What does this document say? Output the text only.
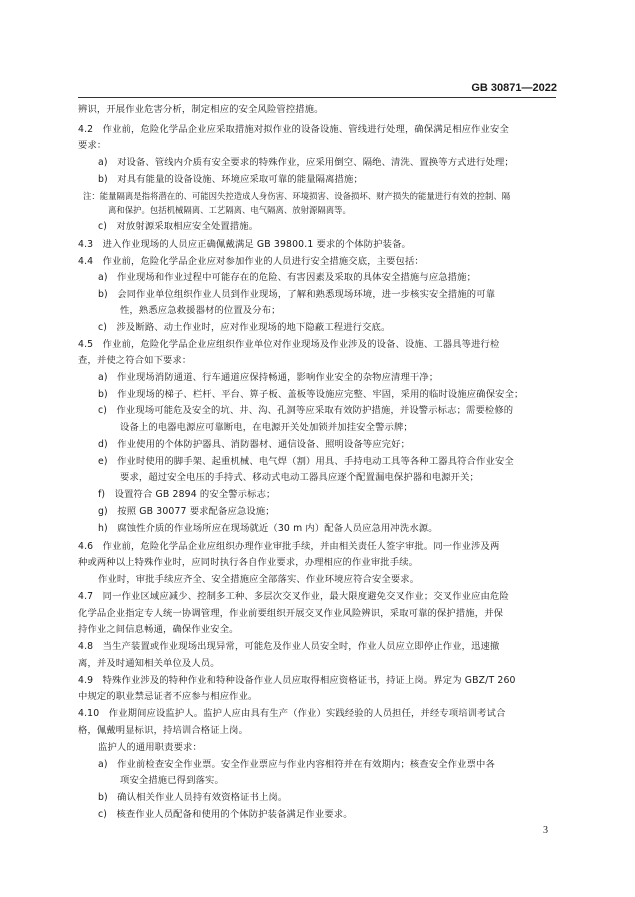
GB 30871—2022
辨识，开展作业危害分析，制定相应的安全风险管控措施。
4.2　作业前，危险化学品企业应采取措施对拟作业的设备设施、管线进行处理，确保满足相应作业安全
要求：
a)　对设备、管线内介质有安全要求的特殊作业，应采用倒空、隔绝、清洗、置换等方式进行处理；
b)　对具有能量的设备设施、环境应采取可靠的能量隔离措施；
注：能量隔离是指将潜在的、可能因失控造成人身伤害、环境损害、设备损坏、财产损失的能量进行有效的控制、隔
离和保护。包括机械隔离、工艺隔离、电气隔离、放射源隔离等。
c)　对放射源采取相应安全处置措施。
4.3　进入作业现场的人员应正确佩戴满足 GB 39800.1 要求的个体防护装备。
4.4　作业前，危险化学品企业应对参加作业的人员进行安全措施交底，主要包括：
a)　作业现场和作业过程中可能存在的危险、有害因素及采取的具体安全措施与应急措施；
b)　会同作业单位组织作业人员到作业现场，了解和熟悉现场环境，进一步核实安全措施的可靠
性，熟悉应急救援器材的位置及分布；
c)　涉及断路、动土作业时，应对作业现场的地下隐蔽工程进行交底。
4.5　作业前，危险化学品企业应组织作业单位对作业现场及作业涉及的设备、设施、工器具等进行检
查，并使之符合如下要求：
a)　作业现场消防通道、行车通道应保持畅通，影响作业安全的杂物应清理干净；
b)　作业现场的梯子、栏杆、平台、箅子板、盖板等设施应完整、牢固，采用的临时设施应确保安全；
c)　作业现场可能危及安全的坑、井、沟、孔洞等应采取有效防护措施，并设警示标志；需要检修的
设备上的电器电源应可靠断电，在电源开关处加锁并加挂安全警示牌；
d)　作业使用的个体防护器具、消防器材、通信设备、照明设备等应完好；
e)　作业时使用的脚手架、起重机械、电气焊（割）用具、手持电动工具等各种工器具符合作业安全
要求，超过安全电压的手持式、移动式电动工器具应逐个配置漏电保护器和电源开关；
f)　设置符合 GB 2894 的安全警示标志；
g)　按照 GB 30077 要求配备应急设施；
h)　腐蚀性介质的作业场所应在现场就近（30 m 内）配备人员应急用冲洗水源。
4.6　作业前，危险化学品企业应组织办理作业审批手续，并由相关责任人签字审批。同一作业涉及两
种或两种以上特殊作业时，应同时执行各自作业要求，办理相应的作业审批手续。
作业时，审批手续应齐全、安全措施应全部落实、作业环境应符合安全要求。
4.7　同一作业区域应减少、控制多工种、多层次交叉作业，最大限度避免交叉作业；交叉作业应由危险
化学品企业指定专人统一协调管理，作业前要组织开展交叉作业风险辨识，采取可靠的保护措施，并保
持作业之间信息畅通，确保作业安全。
4.8　当生产装置或作业现场出现异常，可能危及作业人员安全时，作业人员应立即停止作业，迅速撤
离，并及时通知相关单位及人员。
4.9　特殊作业涉及的特种作业和特种设备作业人员应取得相应资格证书，持证上岗。界定为 GBZ/T 260
中规定的职业禁忌证者不应参与相应作业。
4.10　作业期间应设监护人。监护人应由具有生产（作业）实践经验的人员担任，并经专项培训考试合
格，佩戴明显标识，持培训合格证上岗。
监护人的通用职责要求：
a)　作业前检查安全作业票。安全作业票应与作业内容相符并在有效期内；核查安全作业票中各
项安全措施已得到落实。
b)　确认相关作业人员持有效资格证书上岗。
c)　核查作业人员配备和使用的个体防护装备满足作业要求。
3
